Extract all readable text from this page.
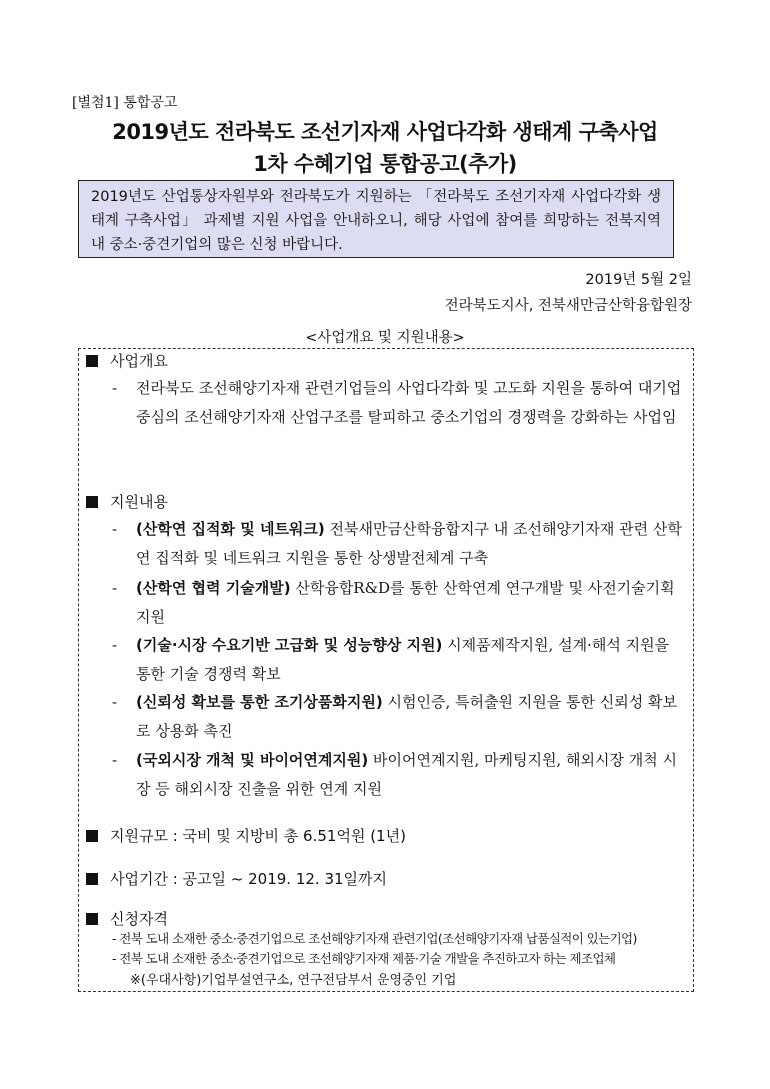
[별첨1] 통합공고
2019년도 전라북도 조선기자재 사업다각화 생태계 구축사업
1차 수혜기업 통합공고(추가)
2019년도 산업통상자원부와 전라북도가 지원하는 「전라북도 조선기자재 사업다각화 생태계 구축사업」 과제별 지원 사업을 안내하오니, 해당 사업에 참여를 희망하는 전북지역 내 중소·중견기업의 많은 신청 바랍니다.
2019년 5월 2일
전라북도지사, 전북새만금산학융합원장
<사업개요 및 지원내용>
사업개요
-	전라북도 조선해양기자재 관련기업들의 사업다각화 및 고도화 지원을 통하여 대기업 중심의 조선해양기자재 산업구조를 탈피하고 중소기업의 경쟁력을 강화하는 사업임
지원내용
-	(산학연 집적화 및 네트워크) 전북새만금산학융합지구 내 조선해양기자재 관련 산학연 집적화 및 네트워크 지원을 통한 상생발전체계 구축
-	(산학연 협력 기술개발) 산학융합R&D를 통한 산학연계 연구개발 및 사전기술기획 지원
-	(기술·시장 수요기반 고급화 및 성능향상 지원) 시제품제작지원, 설계·해석 지원을 통한 기술 경쟁력 확보
-	(신뢰성 확보를 통한 조기상품화지원) 시험인증, 특허출원 지원을 통한 신뢰성 확보로 상용화 촉진
-	(국외시장 개척 및 바이어연계지원) 바이어연계지원, 마케팅지원, 해외시장 개척 시장 등 해외시장 진출을 위한 연계 지원
지원규모 : 국비 및 지방비 총 6.51억원 (1년)
사업기간 : 공고일 ~ 2019. 12. 31일까지
신청자격
- 전북 도내 소재한 중소·중견기업으로 조선해양기자재 관련기업(조선해양기자재 납품실적이 있는기업)
- 전북 도내 소재한 중소·중견기업으로 조선해양기자재 제품·기술 개발을 추진하고자 하는 제조업체
※(우대사항)기업부설연구소, 연구전담부서 운영중인 기업
